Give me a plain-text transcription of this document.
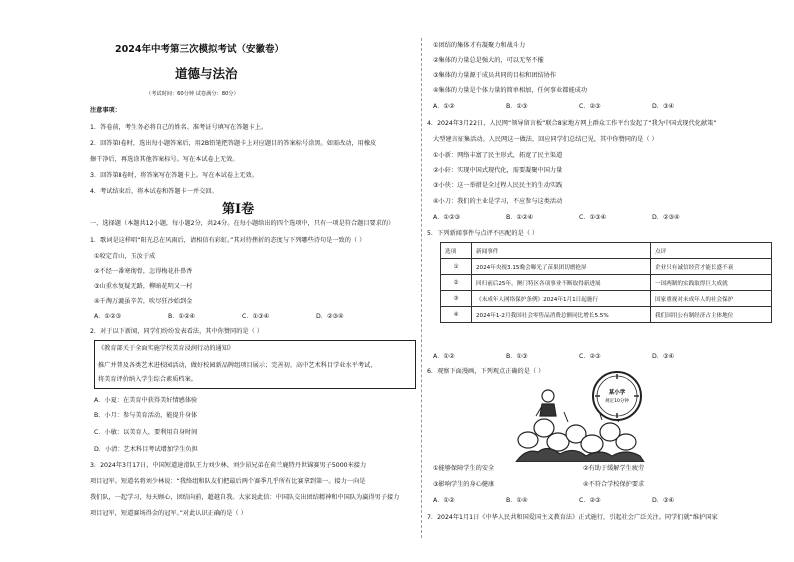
2024年中考第三次模拟考试（安徽卷）
道德与法治
（考试时间：60分钟 试卷满分：80分）
注意事项：
1．答卷前，考生务必将自己的姓名、准考证号填写在答题卡上。
2．回答第Ⅰ卷时，选出每小题答案后，用2B铅笔把答题卡上对应题目的答案标号涂黑。如需改动，用橡皮
擦干净后，再选涂其他答案标号。写在本试卷上无效。
3．回答第Ⅱ卷时，将答案写在答题卡上。写在本试卷上无效。
4．考试结束后，将本试卷和答题卡一并交回。
第Ⅰ卷
一、选择题（本题共12小题，每小题2分，共24分。在每小题给出的四个选项中，只有一项是符合题目要求的）
1．歌词是这样唱“阳光总在风雨后，请相信有彩虹。”其对待挫折的态度与下列哪些诗句是一致的（ ）
①咬定青山，玉汝于成
②不经一番寒彻骨，怎得梅花扑鼻香
③山重水复疑无路，柳暗花明又一村
④千淘万漉虽辛苦，吹尽狂沙始到金
A．①②③	B．①②④	C．①③④	D．②③④
2．对于以下新闻，同学们纷纷发表看法，其中你赞同的是（ ）
《教育部关于全面实施学校美育浸润行动的通知》
推广并普及各类艺术进校园活动，做好校园新品牌组项目展示；完善初、高中艺术科目学业水平考试，
将美育评价纳入学生综合素质档案。
A．小夏：在美育中获得美好情感体验
B．小月：参与美育活动，能提升身体
C．小敏：以美育人，要利用自身时间
D．小清：艺术科目考试增加学生负担
3．2024年3月17日，中国短道速滑队王力刘少林、刘少昂兄弟在荷兰鹿特丹世锦赛男子5000米接力
项目冠军。短道名将刘少林说：“我络组和队友们把最后两个赛季几乎所有比赛拿到第一。接力一向是
我们队，一起学习，每天顾心，团结向前，超越自我。大家说此信：中国队交出团结精神和中国队为赢得男子接力
项目冠军，短道赛场得金的冠军。”对此认识正确的是（ ）
①团结的集体才有凝聚力和战斗力
②集体的力量总是强大的，可以无坚不摧
③集体的力量源于成员共同的目标和团结协作
④集体的力量是个体力量的简单相加，任何事业都能成功
A．①②	B．①③	C．②③	D．③④
4．2024年3月22日，人民网“领导留言板”联合8家地方网上群众工作平台发起了“我为中国式现代化献策”
大型建言征集活动。人民网这一做法，回应同学们总结已见，其中你赞同的是（ ）
①小新：网络丰富了民主形式，拓宽了民主渠道
②小轩：实现中国式现代化，需要凝聚中国力量
③小侠：这一举措是全过程人民民主的生动实践
④小刀：我们的主业是学习，不应参与这类活动
A．①②③	B．①②④	C．①③④	D．②③④
5．下列新闻事件与点评不匹配的是（ ）
选项	新闻事件	点评
①	2024年央视3.15晚会曝光了苗果团切磨抢屏	企业只有诚信经营才能长盛不衰
②	回归前后25年，澳门特区各项事业不断取得新进展	一国两制的实践取得巨大成就
③	《未成年人网络保护条例》2024年1月1日起施行	国家重视对未成年人的社会保护
④	2024年1-2月我国社会零售品消费总额同比增长5.5%	我们国用公有制经济占主体地位
A．①②	B．①③	C．②③	D．③④
6．观察下面漫画，下列观点正确的是（ ）
①能够保障学生的安全	②有助于缓解学生疲劳
③影响学生的身心健康	④不符合学校保护要求
A．①②	B．①④	C．②③	D．③④
7．2024年1月1日《中华人民共和国爱国主义教育法》正式施行，引起社会广泛关注。同学们就“维护国家
某小学
规定10分钟
